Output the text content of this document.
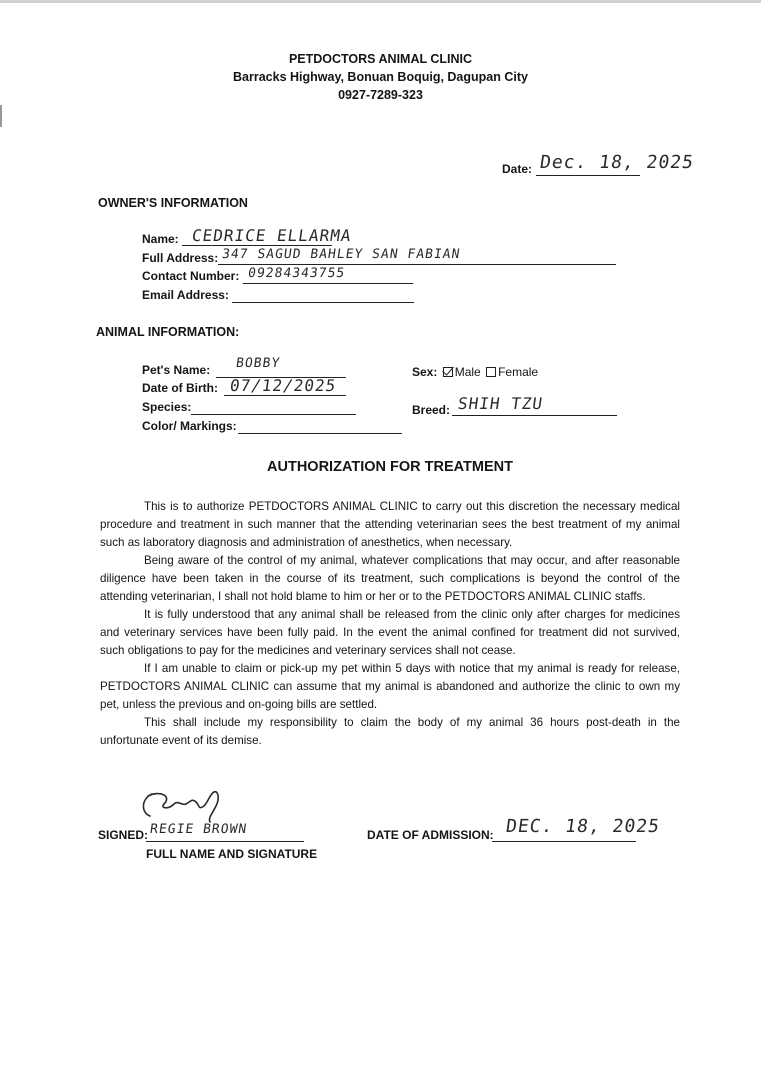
PETDOCTORS ANIMAL CLINIC
Barracks Highway, Bonuan Boquig, Dagupan City
0927-7289-323
Date: Dec. 18, 2025
OWNER'S INFORMATION
Name: CEDRICE ELLARMA
Full Address: 347 SAGUD BAHLEY SAN FABIAN
Contact Number: 09284343755
Email Address:
ANIMAL INFORMATION:
Pet's Name: BOBBY
Date of Birth: 07/12/2025
Species:
Color/ Markings:
Sex: Male Female
Breed: SHIH TZU
AUTHORIZATION FOR TREATMENT

This is to authorize PETDOCTORS ANIMAL CLINIC to carry out this discretion the necessary medical procedure and treatment in such manner that the attending veterinarian sees the best treatment of my animal such as laboratory diagnosis and administration of anesthetics, when necessary.

Being aware of the control of my animal, whatever complications that may occur, and after reasonable diligence have been taken in the course of its treatment, such complications is beyond the control of the attending veterinarian, I shall not hold blame to him or her or to the PETDOCTORS ANIMAL CLINIC staffs.

It is fully understood that any animal shall be released from the clinic only after charges for medicines and veterinary services have been fully paid. In the event the animal confined for treatment did not survived, such obligations to pay for the medicines and veterinary services shall not cease.

If I am unable to claim or pick-up my pet within 5 days with notice that my animal is ready for release, PETDOCTORS ANIMAL CLINIC can assume that my animal is abandoned and authorize the clinic to own my pet, unless the previous and on-going bills are settled.

This shall include my responsibility to claim the body of my animal 36 hours post-death in the unfortunate event of its demise.

SIGNED: REGIE BROWN
FULL NAME AND SIGNATURE
DATE OF ADMISSION: DEC. 18, 2025
